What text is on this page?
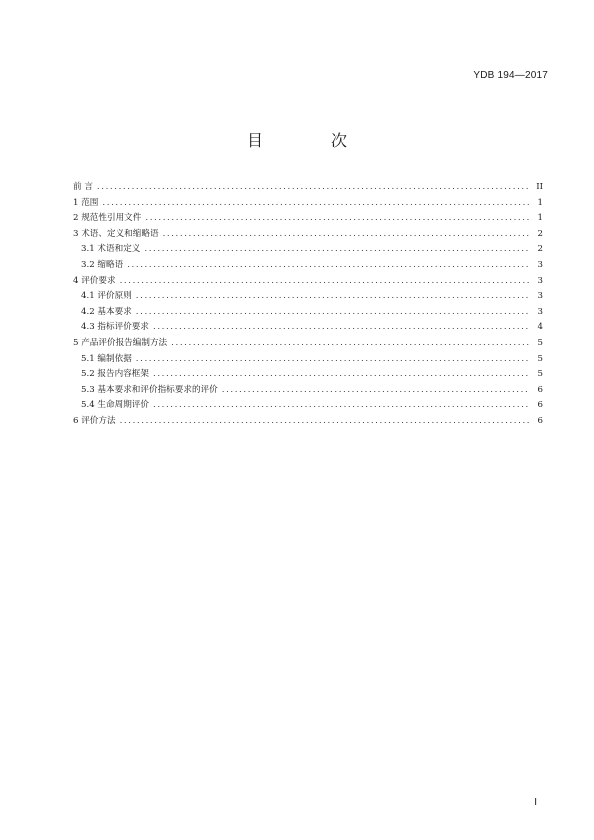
YDB 194—2017
目　次
前 言 .....	II
1 范围 .....	1
2 规范性引用文件 .....	1
3 术语、定义和缩略语 .....	2
3.1 术语和定义 .....	2
3.2 缩略语 .....	3
4 评价要求 .....	3
4.1 评价原则 .....	3
4.2 基本要求 .....	3
4.3 指标评价要求 .....	4
5 产品评价报告编制方法 .....	5
5.1 编制依据 .....	5
5.2 报告内容框架 .....	5
5.3 基本要求和评价指标要求的评价 .....	6
5.4 生命周期评价 .....	6
6 评价方法 .....	6
I
